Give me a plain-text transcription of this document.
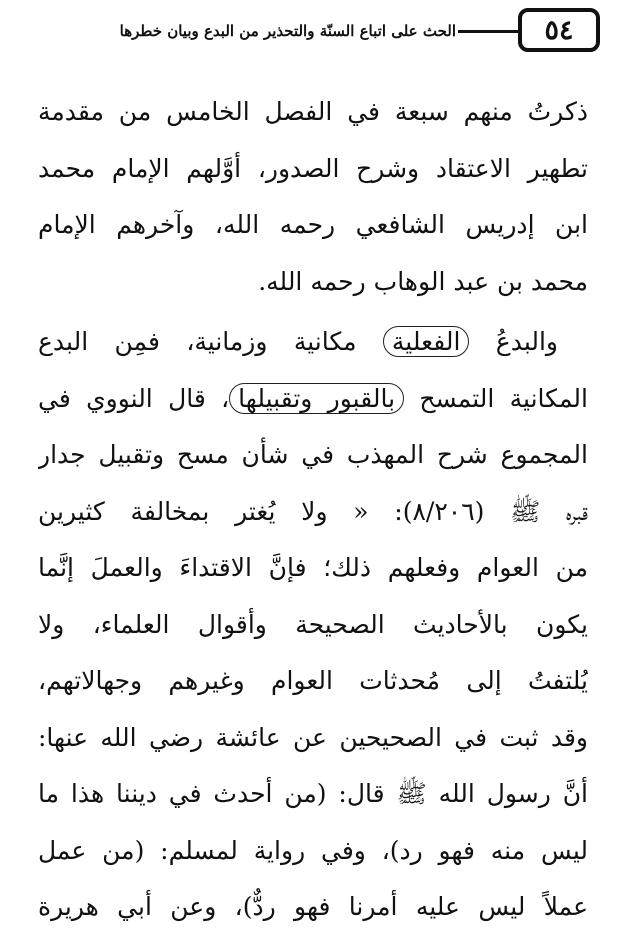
٥٤
الحث على اتباع السنّة والتحذير من البدع وبيان خطرها
ذكرتُ منهم سبعة في الفصل الخامس من مقدمة
تطهير الاعتقاد وشرح الصدور، أوَّلهم الإمام محمد
ابن إدريس الشافعي رحمه الله، وآخرهم الإمام
محمد بن عبد الوهاب رحمه الله.
والبدعُ الفعلية مكانية وزمانية، فمِن البدع
المكانية التمسح بالقبور وتقبيلها، قال النووي في
المجموع شرح المهذب في شأن مسح وتقبيل جدار
قبره ﷺ (٨/٢٠٦): « ولا يُغتر بمخالفة كثيرين
من العوام وفعلهم ذلك؛ فإنَّ الاقتداءَ والعملَ إنَّما
يكون بالأحاديث الصحيحة وأقوال العلماء، ولا
يُلتفتُ إلى مُحدثات العوام وغيرهم وجهالاتهم،
وقد ثبت في الصحيحين عن عائشة رضي الله عنها:
أنَّ رسول الله ﷺ قال: (من أحدث في ديننا هذا ما
ليس منه فهو رد)، وفي رواية لمسلم: (من عمل
عملاً ليس عليه أمرنا فهو ردٌّ)، وعن أبي هريرة
